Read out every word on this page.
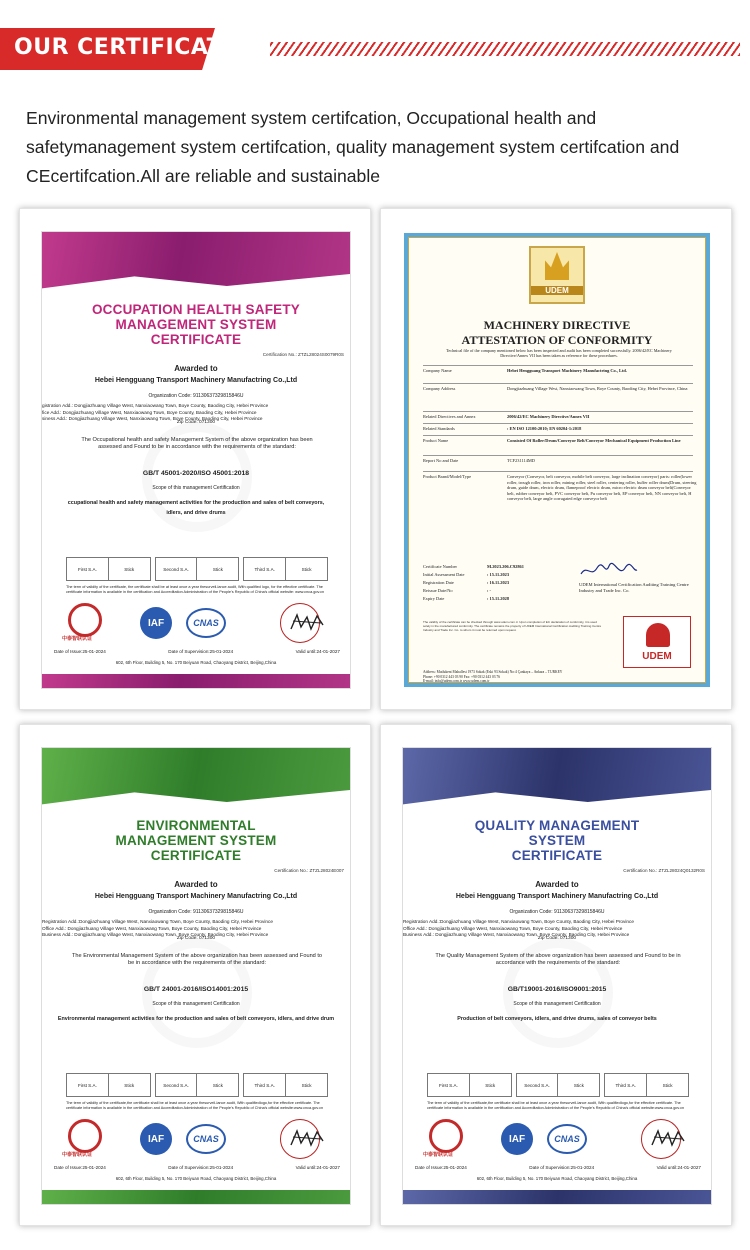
OUR CERTIFICATE

Environmental management system certifcation, Occupational health and safetymanagement system certifcation, quality management system certifcation and CEcertifcation.All are reliable and sustainable

OCCUPATION HEALTH SAFETY
MANAGEMENT SYSTEM
CERTIFICATE
Certification No.: ZTZL28024S0079R0S
Awarded to
Hebei Hengguang Transport Machinery Manufactring Co.,Ltd
Organization Code: 91130637329815846U
gistration Add.: Dongjiazhuang Village West, Nanxiaowang Town, Boye County, Baoding City, Hebei Province
fice Add.: Dongjiazhuang Village West, Nanxiaowang Town, Boye County, Baoding City, Hebei Province
siness Add.: Dongjiazhuang Village West, Nanxiaowang Town, Boye County, Baoding City, Hebei Province
Zip Code: 071300
The Occupational health and safety Management System of the above organization has been assessed and Found to be in accordance with the requirements of the standard:
GB/T 45001-2020/ISO 45001:2018
Scope of this management Certification
ccupational health and safety management activities for the production and sales of belt conveyors,
idlers, and drive drums
First S.A.	Stick	Second S.A.	Stick	Third S.A.	Stick
The term of validity of the certificate, the certificate shall be at least once a year thesurveil-lance audit, With qualified logo, for the effective certificate. The certificate information is available in the certification and Accreditation Administration of the People's Republic of China's official website: www.cnca.gov.cn
中泰智联认证
IAF	CNAS
Date of Issue:25-01-2024	Date of Supervision:25-01-2024	Valid until:24-01-2027
602, 6th Floor, Building 5, No. 170 Beiyuan Road, Chaoyang District, Beijing,China
UDEM
MACHINERY DIRECTIVE
ATTESTATION OF CONFORMITY
Technical file of the company mentioned below has been inspected and audit has been completed successfully. 2006/42/EC Machinery Directive/Annex VII has been taken as reference for these procedures.
Company Name	Hebei Hengguang Transport Machinery Manufactring Co., Ltd.
Company Address	Dongjiazhuang Village West, Nanxiaowang Town, Boye County, Baoding City, Hebei Province, China
Related Directives and Annex	2006/42/EC Machinery Directive/Annex VII
Related Standards	: EN ISO 12100:2010; EN 60204-1:2018
Product Name	Consisted Of Roller/Drum/Conveyor Belt/Conveyor Mechanical Equipment Production Line
Report No and Date	TCF231114MD
Product Brand/Model/Type	Conveyor (Conveyor, belt conveyor, mobile belt conveyor, large inclination conveyor) parts: roller(lower roller, trough roller, iron roller, mining roller, steel roller, centering roller, buffer roller drum(Drum, steering drum, guide drum, electric drum, flameproof electric drum, micro electric drum conveyor belt(Conveyor belt, rubber conveyor belt, PVC conveyor belt, Pu conveyor belt, EP conveyor belt, NN conveyor belt, H conveyor belt, large angle corrugated edge conveyor belt
Certificate Number	M.2023.206.C92861
Initial Assessment Date	: 15.11.2023
Registration Date	: 16.11.2023
Reissue Date/No	: -
Expiry Date	: 15.11.2028
UDEM International Certification Auditing Training Centre Industry and Trade Inc. Co.
The validity of the certificate can be checked through www.udem.com.tr. Upon completion of EC declaration of conformity, it is used solely in the manufactured conformity. The certificate remains the property of UDEM International Certification Auditing Training Centre Industry and Trade Inc. Co. to whom it must be returned upon request.
UDEM
Address: Mutlukent Mahallesi 1973 Sokak (Eski 93 Sokak) No:4 Çankaya – Ankara – TURKEY
Phone: +90 0312 443 03 90 Fax: +90 0312 443 03 76
E-mail: info@udem.com.tr www.udem.com.tr
ENVIRONMENTAL
MANAGEMENT SYSTEM
CERTIFICATE
Certification No.: ZTZL28024E007
Awarded to
Hebei Hengguang Transport Machinery Manufactring Co.,Ltd
Organization Code: 91130637329815846U
Registration Add.:Dongjiazhuang Village West, Nanxiaowang Town, Boye County, Baoding City, Hebei Province
Office Add.: Dongjiazhuang Village West, Nanxiaowang Town, Boye County, Baoding City, Hebei Province
Business Add.: Dongjiazhuang Village West, Nanxiaowang Town, Boye County, Baoding City, Hebei Province
Zip Code: 071300
The Environmental Management System of the above organization has been assessed and Found to be in accordance with the requirements of the standard:
GB/T 24001-2016/ISO14001:2015
Scope of this management Certification
Environmental management activities for the production and sales of belt conveyors, idlers, and drive drum
First S.A.	Stick	Second S.A.	Stick	Third S.A.	Stick
The term of validity of the certificate,the certificate shall be at least once a year thesurveil-lance audit, With qualifiedlogo,for the effective certificate. The certificate information is available in the certification and Accreditation Administration of the People's Republic of China's official website:www.cnca.gov.cn
中泰智联认证
IAF	CNAS
Date of Issue:25-01-2024	Date of Supervision:25-01-2024	Valid until:24-01-2027
602, 6th Floor, Building 5, No. 170 Beiyuan Road, Chaoyang District, Beijing,China
QUALITY MANAGEMENT
SYSTEM
CERTIFICATE
Certification No.: ZTZL28024Q0132R0S
Awarded to
Hebei Hengguang Transport Machinery Manufactring Co.,Ltd
Organization Code: 91130637329815846U
Registration Add.:Dongjiazhuang Village West, Nanxiaowang Town, Boye County, Baoding City, Hebei Province
Office Add.: Dongjiazhuang Village West, Nanxiaowang Town, Boye County, Baoding City, Hebei Province
Business Add.: Dongjiazhuang Village West, Nanxiaowang Town, Boye County, Baoding City, Hebei Province
Zip Code: 071300
The Quality Management System of the above organization has been assessed and Found to be in accordance with the requirements of the standard:
GB/T19001-2016/ISO9001:2015
Scope of this management Certification
Production of belt conveyors, idlers, and drive drums, sales of conveyor belts
First S.A.	Stick	Second S.A.	Stick	Third S.A.	Stick
The term of validity of the certificate,the certificate shall be at least once a year thesurveil-lance audit, With qualifiedlogo,for the effective certificate. The certificate information is available in the certification and Accreditation Administration of the People's Republic of China's official website:www.cnca.gov.cn
中泰智联认证
IAF	CNAS
Date of Issue:25-01-2024	Date of Supervision:25-01-2024	Valid until:24-01-2027
602, 6th Floor, Building 5, No. 170 Beiyuan Road, Chaoyang District, Beijing,China
